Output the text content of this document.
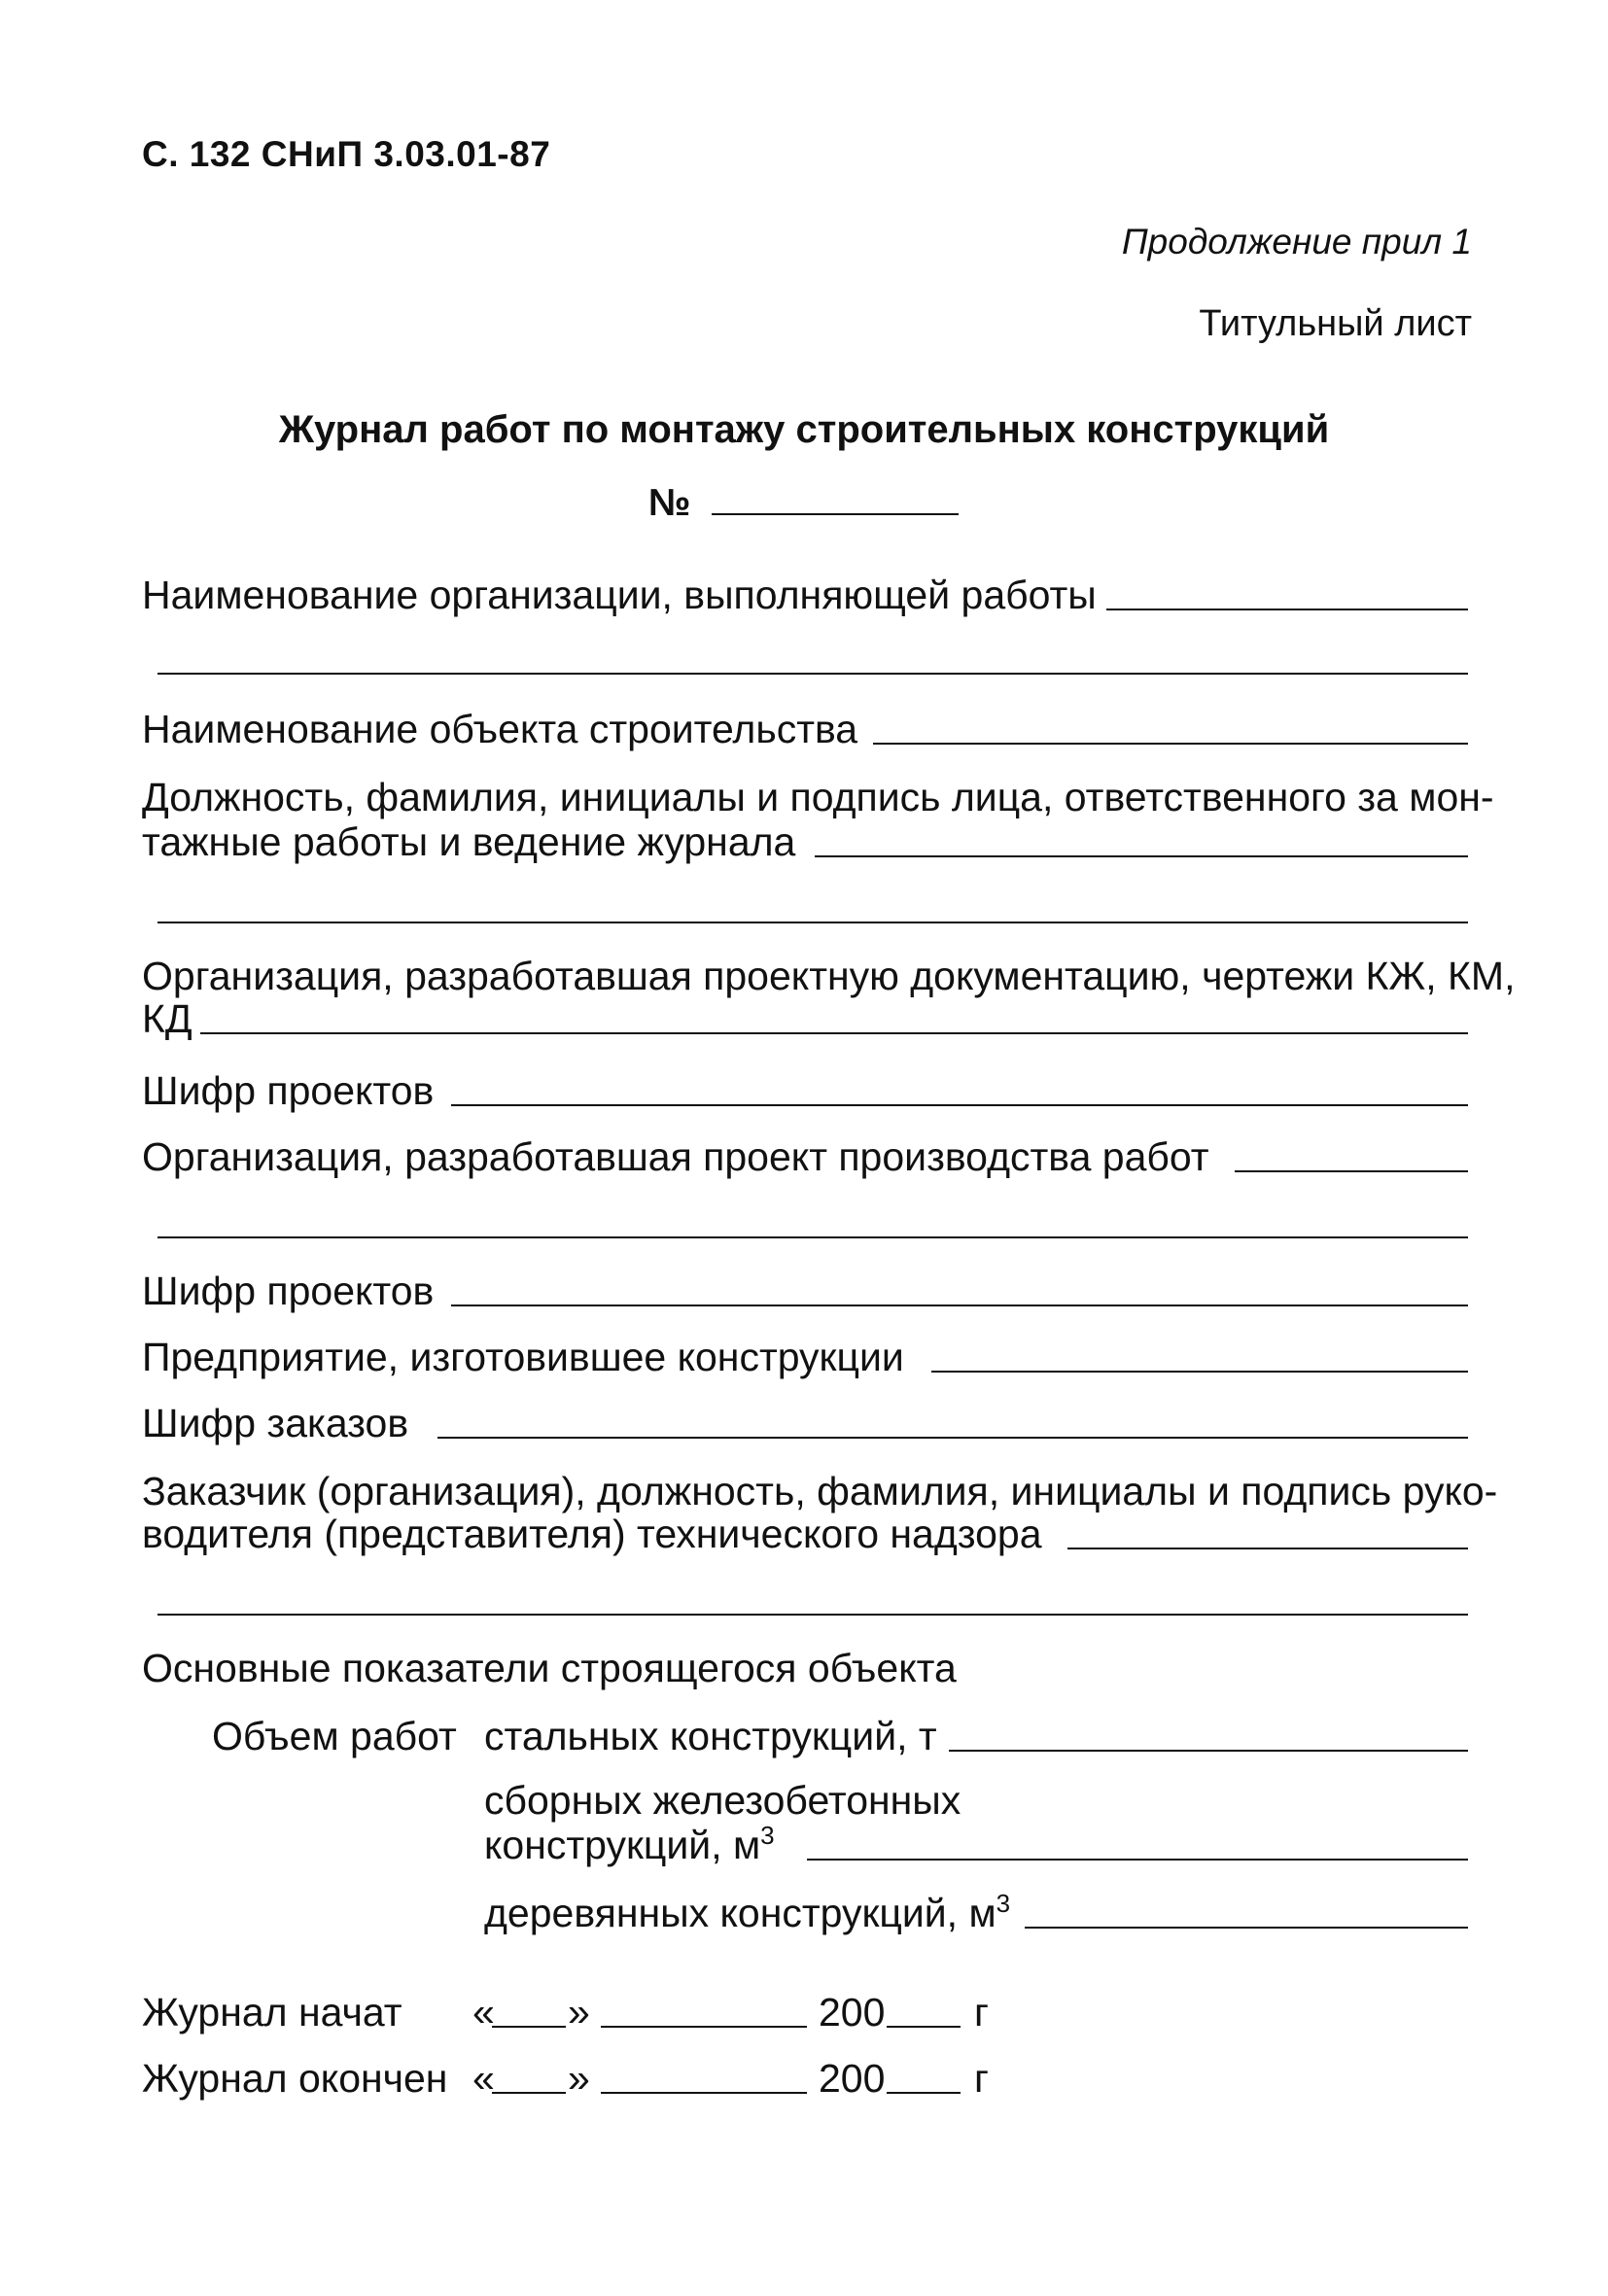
С. 132 СНиП 3.03.01-87
Продолжение прил 1
Титульный лист
Журнал работ по монтажу строительных конструкций
№
Наименование организации, выполняющей работы
Наименование объекта строительства
Должность, фамилия, инициалы и подпись лица, ответственного за мон-
тажные работы и ведение журнала
Организация, разработавшая проектную документацию, чертежи КЖ, КМ,
КД
Шифр проектов
Организация, разработавшая проект производства работ
Шифр проектов
Предприятие, изготовившее конструкции
Шифр заказов
Заказчик (организация), должность, фамилия, инициалы и подпись руко-
водителя (представителя) технического надзора
Основные показатели строящегося объекта
Объем работ стальных конструкций, т
сборных железобетонных
конструкций, $м^3$
деревянных конструкций, $м^3$
Журнал начат « »	200 г
Журнал окончен « »	200 г
